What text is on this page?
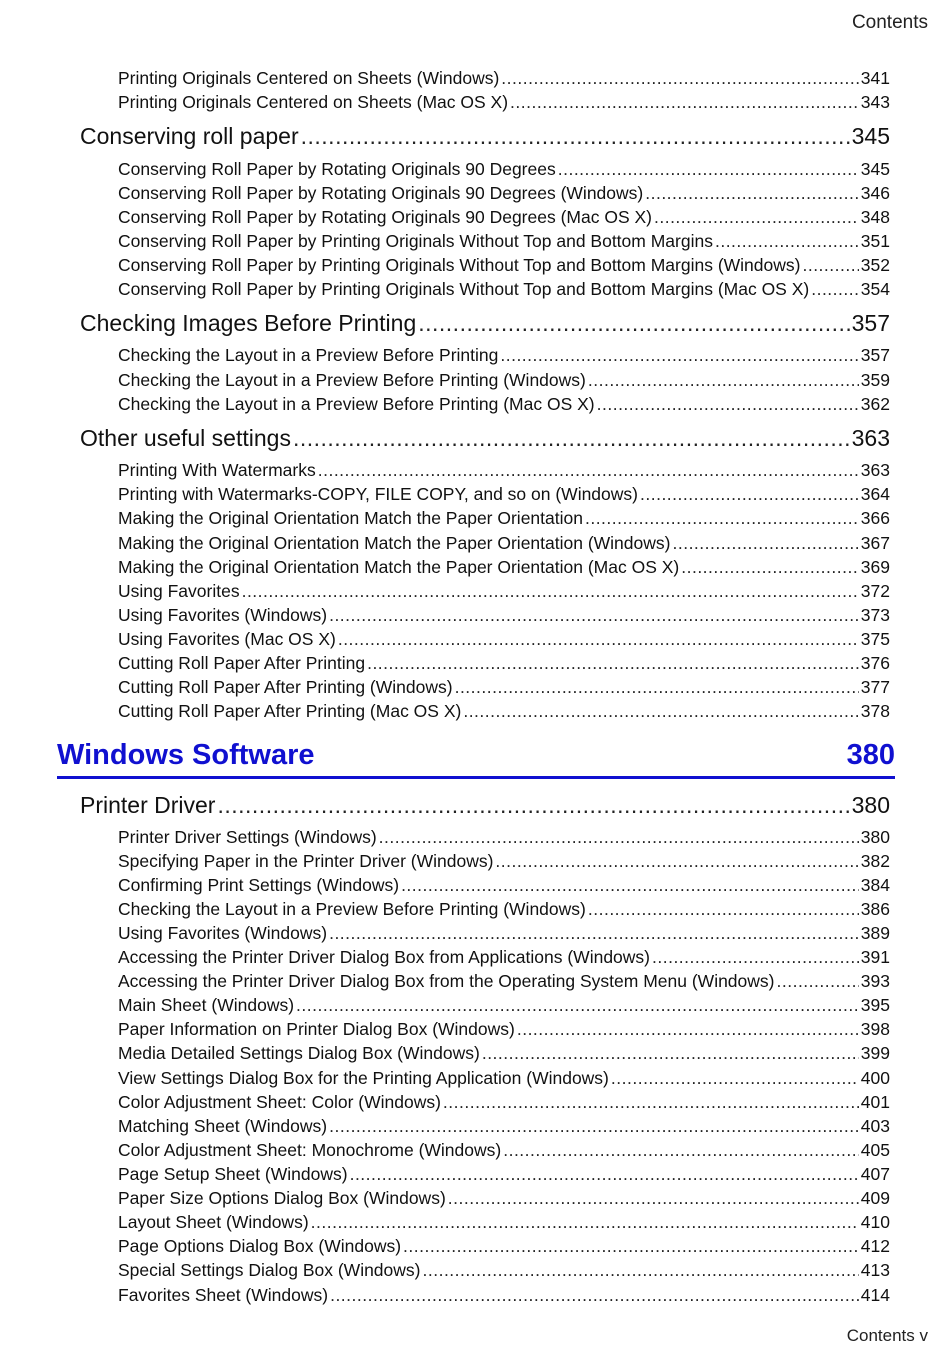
Contents
Printing Originals Centered on Sheets (Windows) .....	341
Printing Originals Centered on Sheets (Mac OS X) .....	343
Conserving roll paper .....	345
Conserving Roll Paper by Rotating Originals 90 Degrees .....	345
Conserving Roll Paper by Rotating Originals 90 Degrees (Windows) .....	346
Conserving Roll Paper by Rotating Originals 90 Degrees (Mac OS X) .....	348
Conserving Roll Paper by Printing Originals Without Top and Bottom Margins .....	351
Conserving Roll Paper by Printing Originals Without Top and Bottom Margins (Windows) .....	352
Conserving Roll Paper by Printing Originals Without Top and Bottom Margins (Mac OS X) .....	354
Checking Images Before Printing .....	357
Checking the Layout in a Preview Before Printing .....	357
Checking the Layout in a Preview Before Printing (Windows) .....	359
Checking the Layout in a Preview Before Printing (Mac OS X) .....	362
Other useful settings .....	363
Printing With Watermarks .....	363
Printing with Watermarks-COPY, FILE COPY, and so on (Windows) .....	364
Making the Original Orientation Match the Paper Orientation .....	366
Making the Original Orientation Match the Paper Orientation (Windows) .....	367
Making the Original Orientation Match the Paper Orientation (Mac OS X) .....	369
Using Favorites .....	372
Using Favorites (Windows) .....	373
Using Favorites (Mac OS X) .....	375
Cutting Roll Paper After Printing .....	376
Cutting Roll Paper After Printing (Windows) .....	377
Cutting Roll Paper After Printing (Mac OS X) .....	378
Windows Software	380
Printer Driver .....	380
Printer Driver Settings (Windows) .....	380
Specifying Paper in the Printer Driver (Windows) .....	382
Confirming Print Settings (Windows) .....	384
Checking the Layout in a Preview Before Printing (Windows) .....	386
Using Favorites (Windows) .....	389
Accessing the Printer Driver Dialog Box from Applications (Windows) .....	391
Accessing the Printer Driver Dialog Box from the Operating System Menu (Windows) .....	393
Main Sheet (Windows) .....	395
Paper Information on Printer Dialog Box (Windows) .....	398
Media Detailed Settings Dialog Box (Windows) .....	399
View Settings Dialog Box for the Printing Application (Windows) .....	400
Color Adjustment Sheet: Color (Windows) .....	401
Matching Sheet (Windows) .....	403
Color Adjustment Sheet: Monochrome (Windows) .....	405
Page Setup Sheet (Windows) .....	407
Paper Size Options Dialog Box (Windows) .....	409
Layout Sheet (Windows) .....	410
Page Options Dialog Box (Windows) .....	412
Special Settings Dialog Box (Windows) .....	413
Favorites Sheet (Windows) .....	414
Contents v
